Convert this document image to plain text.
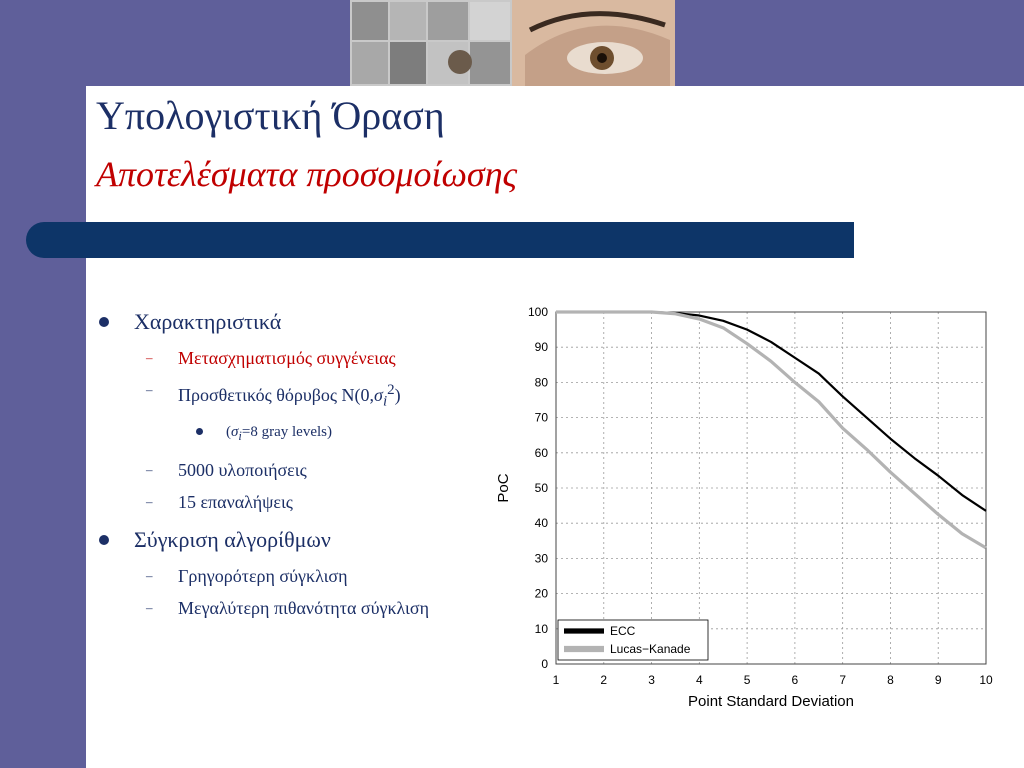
Υπολογιστική Όραση
Αποτελέσματα προσομοίωσης
Χαρακτηριστικά
– Μετασχηματισμός συγγένειας
– Προσθετικός θόρυβος $N(0,\sigma_i^2)$
($\sigma_i=8$ gray levels)
– 5000 υλοποιήσεις
– 15 επαναλήψεις
Σύγκριση αλγορίθμων
– Γρηγορότερη σύγκλιση
– Μεγαλύτερη πιθανότητα σύγκλιση
1	2	3	4	5	6	7	8	9	10
0
10
20
30
40
50
60
70
80
90
100
ECC
Lucas−Kanade
Point Standard Deviation
PoC
